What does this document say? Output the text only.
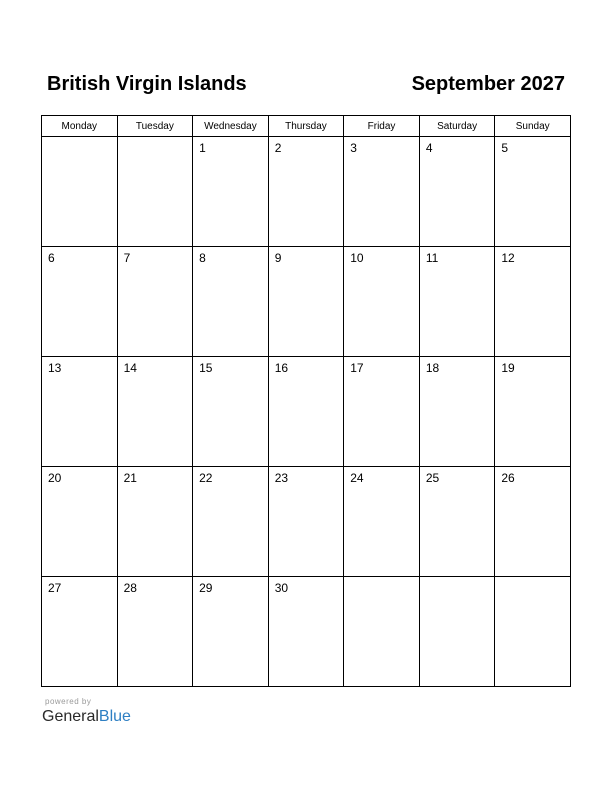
British Virgin Islands	September 2027
Monday	Tuesday	Wednesday	Thursday	Friday	Saturday	Sunday

		1	2	3	4	5

6	7	8	9	10	11	12

13	14	15	16	17	18	19

20	21	22	23	24	25	26

27	28	29	30			

powered by
GeneralBlue
